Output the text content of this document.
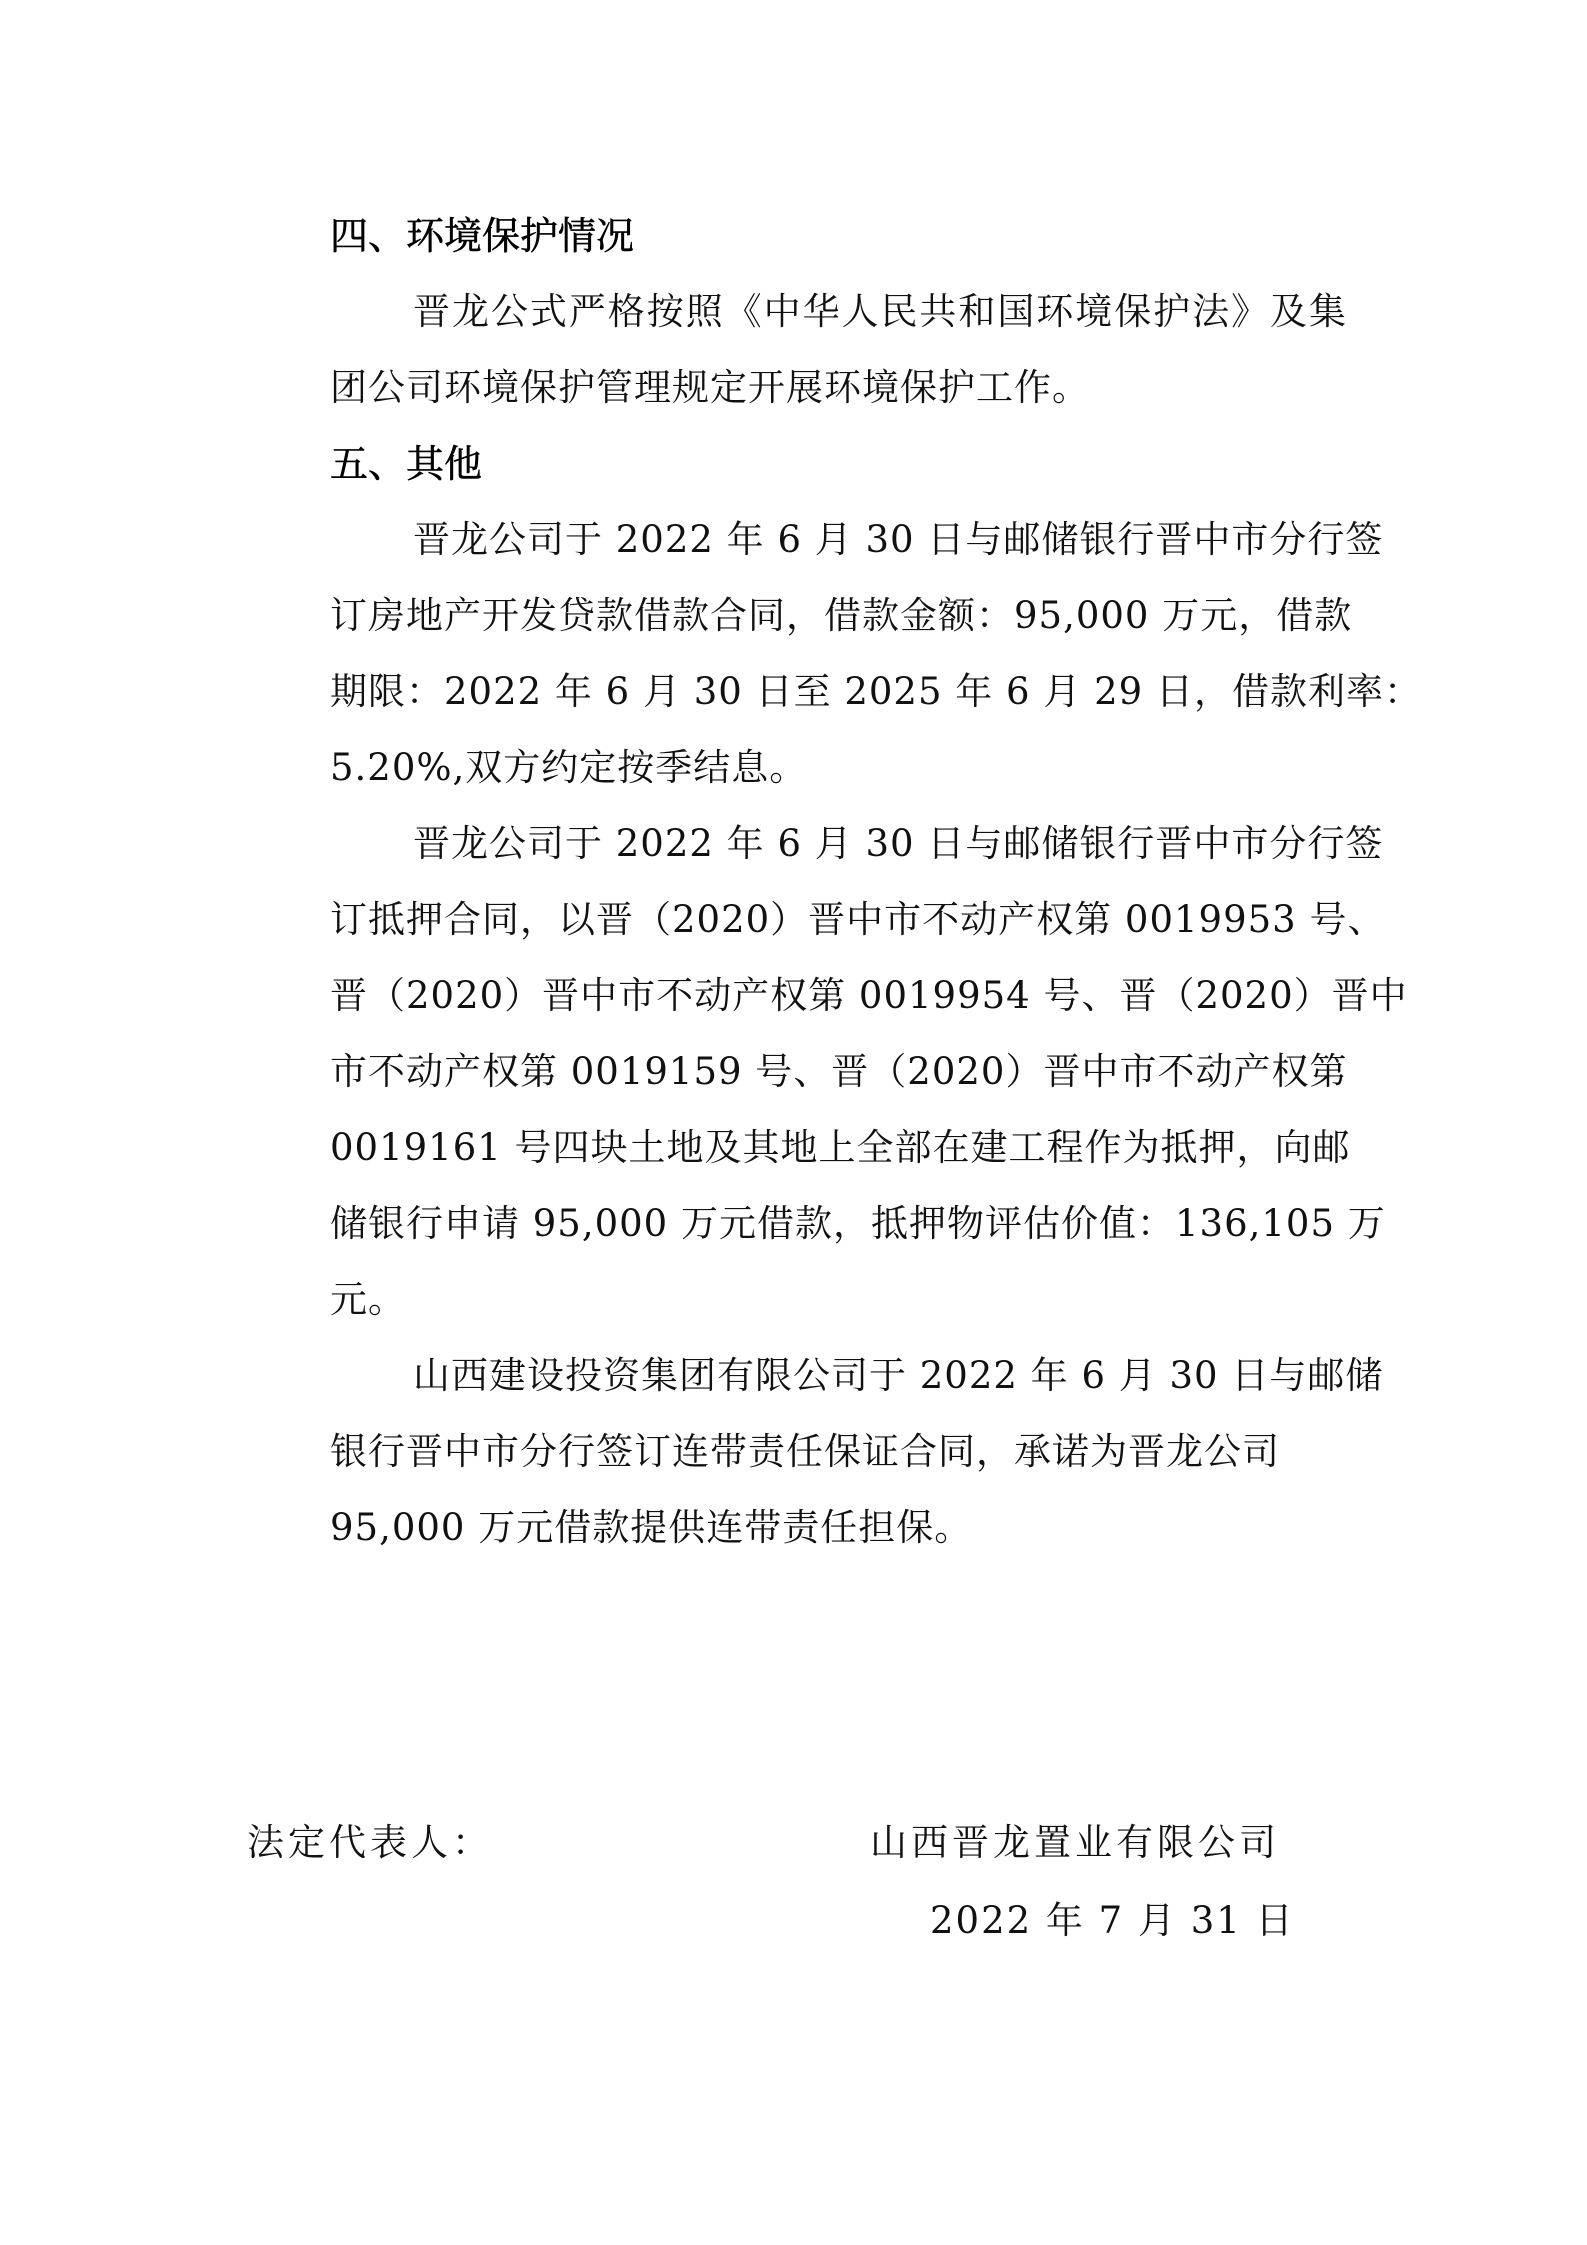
四、环境保护情况
晋龙公式严格按照《中华人民共和国环境保护法》及集
团公司环境保护管理规定开展环境保护工作。
五、其他
晋龙公司于 2022 年 6 月 30 日与邮储银行晋中市分行签
订房地产开发贷款借款合同，借款金额：95,000 万元，借款
期限：2022 年 6 月 30 日至 2025 年 6 月 29 日，借款利率：
5.20%,双方约定按季结息。
晋龙公司于 2022 年 6 月 30 日与邮储银行晋中市分行签
订抵押合同，以晋（2020）晋中市不动产权第 0019953 号、
晋（2020）晋中市不动产权第 0019954 号、晋（2020）晋中
市不动产权第 0019159 号、晋（2020）晋中市不动产权第
0019161 号四块土地及其地上全部在建工程作为抵押，向邮
储银行申请 95,000 万元借款，抵押物评估价值：136,105 万
元。
山西建设投资集团有限公司于 2022 年 6 月 30 日与邮储
银行晋中市分行签订连带责任保证合同，承诺为晋龙公司
95,000 万元借款提供连带责任担保。
法定代表人：	山西晋龙置业有限公司
2022 年 7 月 31 日
